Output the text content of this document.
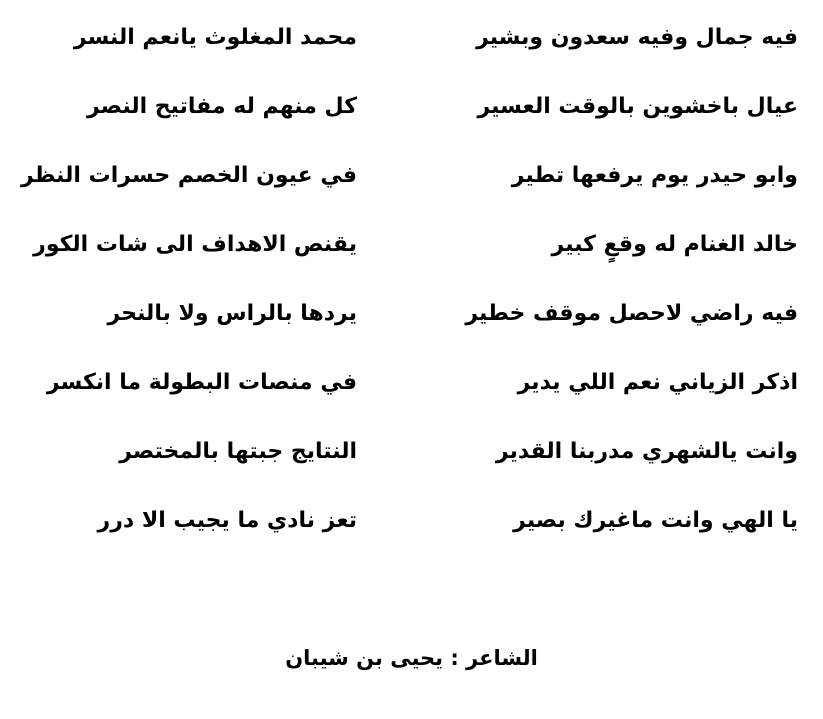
فيه جمال وفيه سعدون وبشير
محمد المغلوث يانعم النسر
عيال باخشوين بالوقت العسير
كل منهم له مفاتيح النصر
وابو حيدر يوم يرفعها تطير
في عيون الخصم حسرات النظر
خالد الغنام له وقعٍ كبير
يقنص الاهداف الى شات الكور
فيه راضي لاحصل موقف خطير
يردها بالراس ولا بالنحر
اذكر الزياني نعم اللي يدير
في منصات البطولة ما انكسر
وانت يالشهري مدربنا القدير
النتايج جبتها بالمختصر
يا الهي وانت ماغيرك بصير
تعز نادي ما يجيب الا درر
الشاعر : يحيى بن شيبان
